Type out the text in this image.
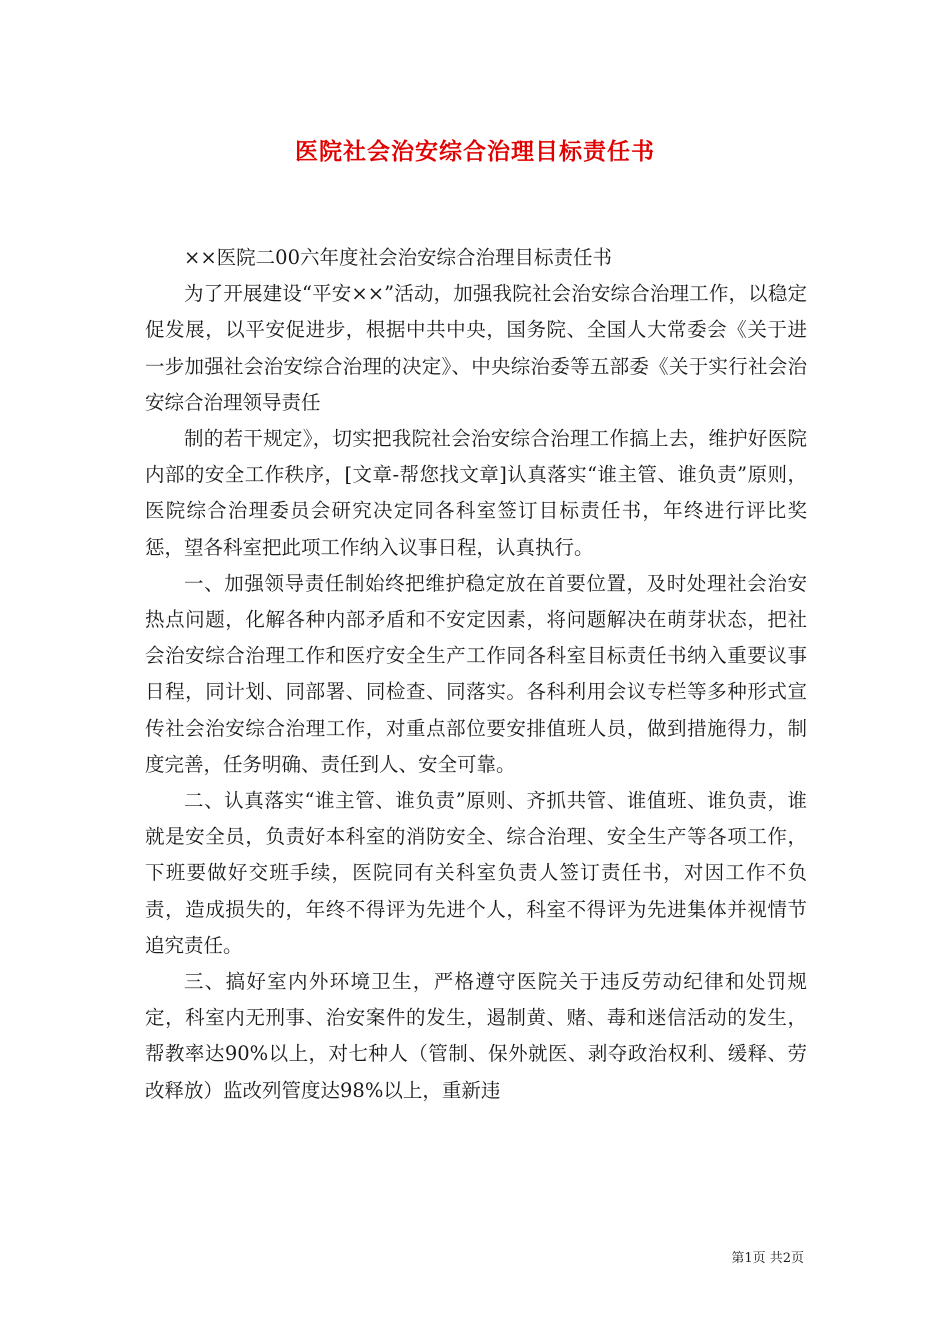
医院社会治安综合治理目标责任书

××医院二00六年度社会治安综合治理目标责任书

为了开展建设“平安××”活动，加强我院社会治安综合治理工作，以稳定促发展，以平安促进步，根据中共中央，国务院、全国人大常委会《关于进一步加强社会治安综合治理的决定》、中央综治委等五部委《关于实行社会治安综合治理领导责任

制的若干规定》，切实把我院社会治安综合治理工作搞上去，维护好医院内部的安全工作秩序，[文章-帮您找文章]认真落实“谁主管、谁负责”原则，医院综合治理委员会研究决定同各科室签订目标责任书，年终进行评比奖惩，望各科室把此项工作纳入议事日程，认真执行。

一、加强领导责任制始终把维护稳定放在首要位置，及时处理社会治安热点问题，化解各种内部矛盾和不安定因素，将问题解决在萌芽状态，把社会治安综合治理工作和医疗安全生产工作同各科室目标责任书纳入重要议事日程，同计划、同部署、同检查、同落实。各科利用会议专栏等多种形式宣传社会治安综合治理工作，对重点部位要安排值班人员，做到措施得力，制度完善，任务明确、责任到人、安全可靠。

二、认真落实“谁主管、谁负责”原则、齐抓共管、谁值班、谁负责，谁就是安全员，负责好本科室的消防安全、综合治理、安全生产等各项工作，下班要做好交班手续，医院同有关科室负责人签订责任书，对因工作不负责，造成损失的，年终不得评为先进个人，科室不得评为先进集体并视情节追究责任。

三、搞好室内外环境卫生，严格遵守医院关于违反劳动纪律和处罚规定，科室内无刑事、治安案件的发生，遏制黄、赌、毒和迷信活动的发生，帮教率达90%以上，对七种人（管制、保外就医、剥夺政治权利、缓释、劳改释放）监改列管度达98%以上，重新违

第1页 共2页
